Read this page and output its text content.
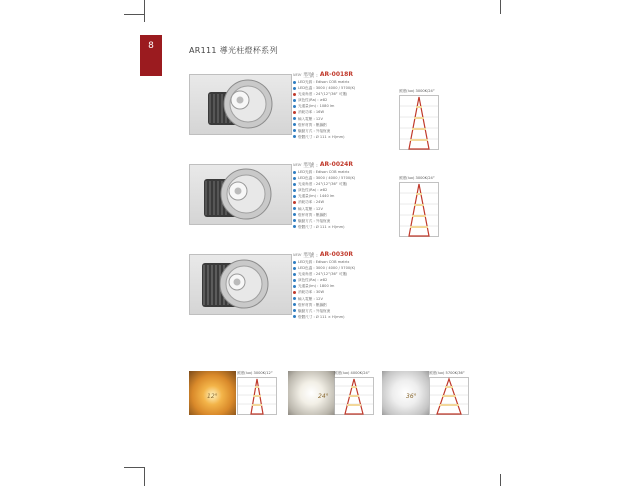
8	AR111 導光柱燈杯系列
NEW 型號 : AR-0018R
LED光源 : Edison COB matrix
LED色溫 : 3000 / 4000 / 5700(K)
光束角度 : 24°(12°/36° 可選)
演色性(Ra) : ≥82
光通量(lm) : 1080 lm
消耗功率 : 16W
輸入電壓 : 12V
燈杯材質 : 壓鑄鋁
驅動方式 : 外接恆流
燈體尺寸 : Ø 111 × H(mm)
照度(lux) 3000K/24°
NEW 型號 : AR-0024R
LED光源 : Edison COB matrix
LED色溫 : 3000 / 4000 / 5700(K)
光束角度 : 24°(12°/36° 可選)
演色性(Ra) : ≥82
光通量(lm) : 1440 lm
消耗功率 : 24W
輸入電壓 : 12V
燈杯材質 : 壓鑄鋁
驅動方式 : 外接恆流
燈體尺寸 : Ø 111 × H(mm)
照度(lux) 3000K/24°
NEW 型號 : AR-0030R
LED光源 : Edison COB matrix
LED色溫 : 3000 / 4000 / 5700(K)
光束角度 : 24°(12°/36° 可選)
演色性(Ra) : ≥82
光通量(lm) : 1800 lm
消耗功率 : 30W
輸入電壓 : 12V
燈杯材質 : 壓鑄鋁
驅動方式 : 外接恆流
燈體尺寸 : Ø 111 × H(mm)
12°
照度(lux) 3000K/12°
24°
照度(lux) 4000K/24°
36°
照度(lux) 5700K/36°
